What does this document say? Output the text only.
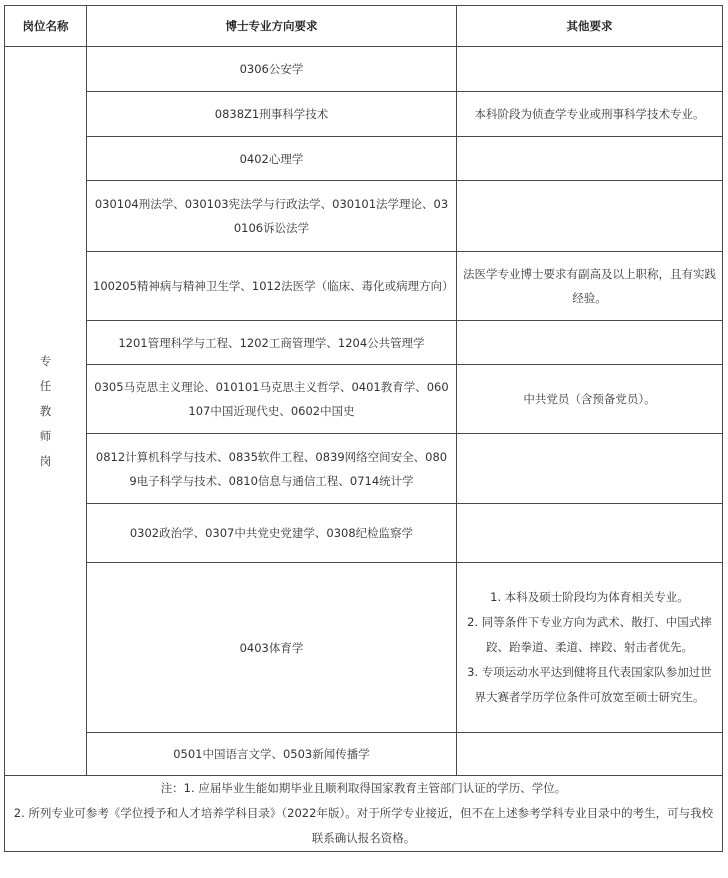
岗位名称	博士专业方向要求	其他要求

专
任
教
师
岗	0306公安学	
	0838Z1刑事科学技术	本科阶段为侦查学专业或刑事科学技术专业。
	0402心理学	
	030104刑法学、030103宪法学与行政法学、030101法学理论、030106诉讼法学	
	100205精神病与精神卫生学、1012法医学（临床、毒化或病理方向）	法医学专业博士要求有副高及以上职称，且有实践经验。
	1201管理科学与工程、1202工商管理学、1204公共管理学	
	0305马克思主义理论、010101马克思主义哲学、0401教育学、060107中国近现代史、0602中国史	中共党员（含预备党员）。
	0812计算机科学与技术、0835软件工程、0839网络空间安全、0809电子科学与技术、0810信息与通信工程、0714统计学	
	0302政治学、0307中共党史党建学、0308纪检监察学	
	0403体育学	1. 本科及硕士阶段均为体育相关专业。
2. 同等条件下专业方向为武术、散打、中国式摔跤、跆拳道、柔道、摔跤、射击者优先。
3. 专项运动水平达到健将且代表国家队参加过世界大赛者学历学位条件可放宽至硕士研究生。

	0501中国语言文学、0503新闻传播学	

注：1. 应届毕业生能如期毕业且顺利取得国家教育主管部门认证的学历、学位。
2. 所列专业可参考《学位授予和人才培养学科目录》（2022年版）。对于所学专业接近，但不在上述参考学科专业目录中的考生，可与我校联系确认报名资格。		
